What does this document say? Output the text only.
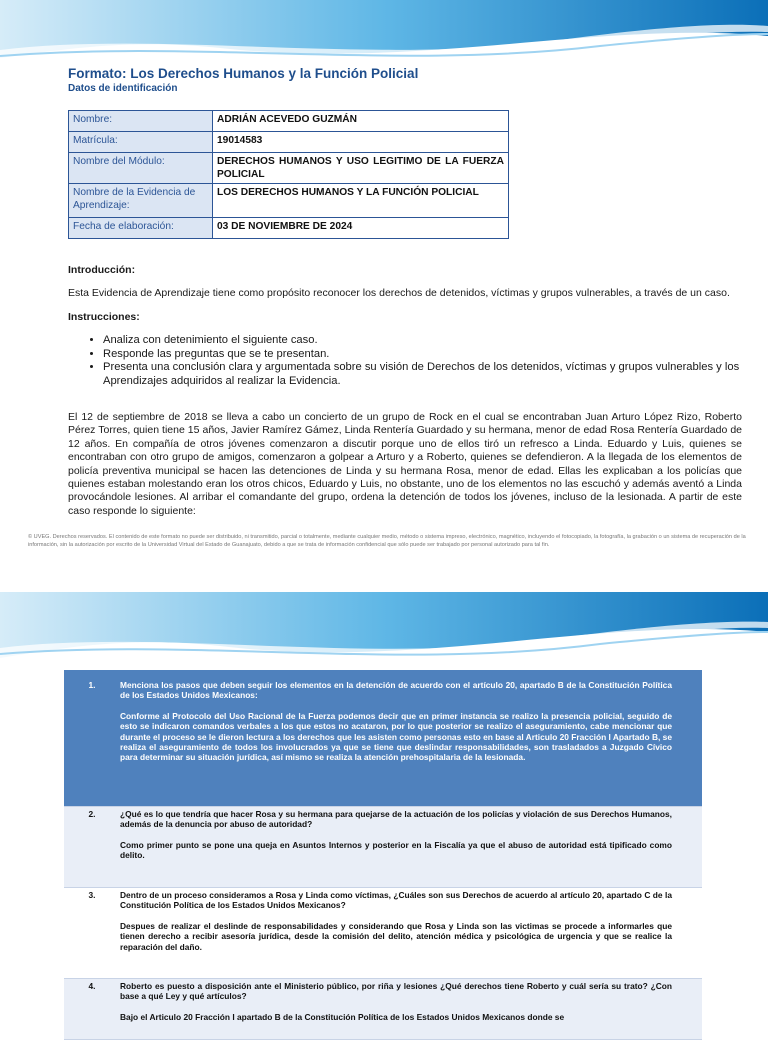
Formato: Los Derechos Humanos y la Función Policial
Datos de identificación
Nombre:	ADRIÁN ACEVEDO GUZMÁN
Matrícula:	19014583
Nombre del Módulo:	DERECHOS HUMANOS Y USO LEGITIMO DE LA FUERZA POLICIAL
Nombre de la Evidencia de Aprendizaje:	LOS DERECHOS HUMANOS Y LA FUNCIÓN POLICIAL
Fecha de elaboración:	03 DE NOVIEMBRE DE 2024
Introducción:
Esta Evidencia de Aprendizaje tiene como propósito reconocer los derechos de detenidos, víctimas y grupos vulnerables, a través de un caso.
Instrucciones:
• Analiza con detenimiento el siguiente caso.
• Responde las preguntas que se te presentan.
• Presenta una conclusión clara y argumentada sobre su visión de Derechos de los detenidos, víctimas y grupos vulnerables y los Aprendizajes adquiridos al realizar la Evidencia.
El 12 de septiembre de 2018 se lleva a cabo un concierto de un grupo de Rock en el cual se encontraban Juan Arturo López Rizo, Roberto Pérez Torres, quien tiene 15 años, Javier Ramírez Gámez, Linda Rentería Guardado y su hermana, menor de edad Rosa Rentería Guardado de 12 años. En compañía de otros jóvenes comenzaron a discutir porque uno de ellos tiró un refresco a Linda. Eduardo y Luis, quienes se encontraban con otro grupo de amigos, comenzaron a golpear a Arturo y a Roberto, quienes se defendieron. A la llegada de los elementos de policía preventiva municipal se hacen las detenciones de Linda y su hermana Rosa, menor de edad. Ellas les explicaban a los policías que quienes estaban molestando eran los otros chicos, Eduardo y Luis, no obstante, uno de los elementos no las escuchó y además aventó a Linda provocándole lesiones. Al arribar el comandante del grupo, ordena la detención de todos los jóvenes, incluso de la lesionada. A partir de este caso responde lo siguiente:
© UVEG. Derechos reservados. El contenido de este formato no puede ser distribuido, ni transmitido, parcial o totalmente, mediante cualquier medio, método o sistema impreso, electrónico, magnético, incluyendo el fotocopiado, la fotografía, la grabación o un sistema de recuperación de la información, sin la autorización por escrito de la Universidad Virtual del Estado de Guanajuato, debido a que se trata de información confidencial que sólo puede ser trabajado por personal autorizado para tal fin.
1.	Menciona los pasos que deben seguir los elementos en la detención de acuerdo con el artículo 20, apartado B de la Constitución Política de los Estados Unidos Mexicanos:

Conforme al Protocolo del Uso Racional de la Fuerza podemos decir que en primer instancia se realizo la presencia policial, seguido de esto se indicaron comandos verbales a los que estos no acataron, por lo que posterior se realizo el aseguramiento, cabe mencionar que durante el proceso se le dieron lectura a los derechos que les asisten como personas esto en base al Articulo 20 Fracción I Apartado B, se realiza el aseguramiento de todos los involucrados ya que se tiene que deslindar responsabilidades, son trasladados a Juzgado Cívico para determinar su situación jurídica, así mismo se realiza la atención prehospitalaria de la lesionada.

2.	¿Qué es lo que tendría que hacer Rosa y su hermana para quejarse de la actuación de los policías y violación de sus Derechos Humanos, además de la denuncia por abuso de autoridad?

Como primer punto se pone una queja en Asuntos Internos y posterior en la Fiscalía ya que el abuso de autoridad está tipificado como delito.

3.	Dentro de un proceso consideramos a Rosa y Linda como víctimas, ¿Cuáles son sus Derechos de acuerdo al artículo 20, apartado C de la Constitución Política de los Estados Unidos Mexicanos?

Despues de realizar el deslinde de responsabilidades y considerando que Rosa y Linda son las victimas se procede a informarles que tienen derecho a recibir asesoría jurídica, desde la comisión del delito, atención médica y psicológica de urgencia y que se realice la reparación del daño.

4.	Roberto es puesto a disposición ante el Ministerio público, por riña y lesiones ¿Qué derechos tiene Roberto y cuál sería su trato? ¿Con base a qué Ley y qué artículos?

Bajo el Articulo 20 Fracción I apartado B de la Constitución Política de los Estados Unidos Mexicanos donde se
